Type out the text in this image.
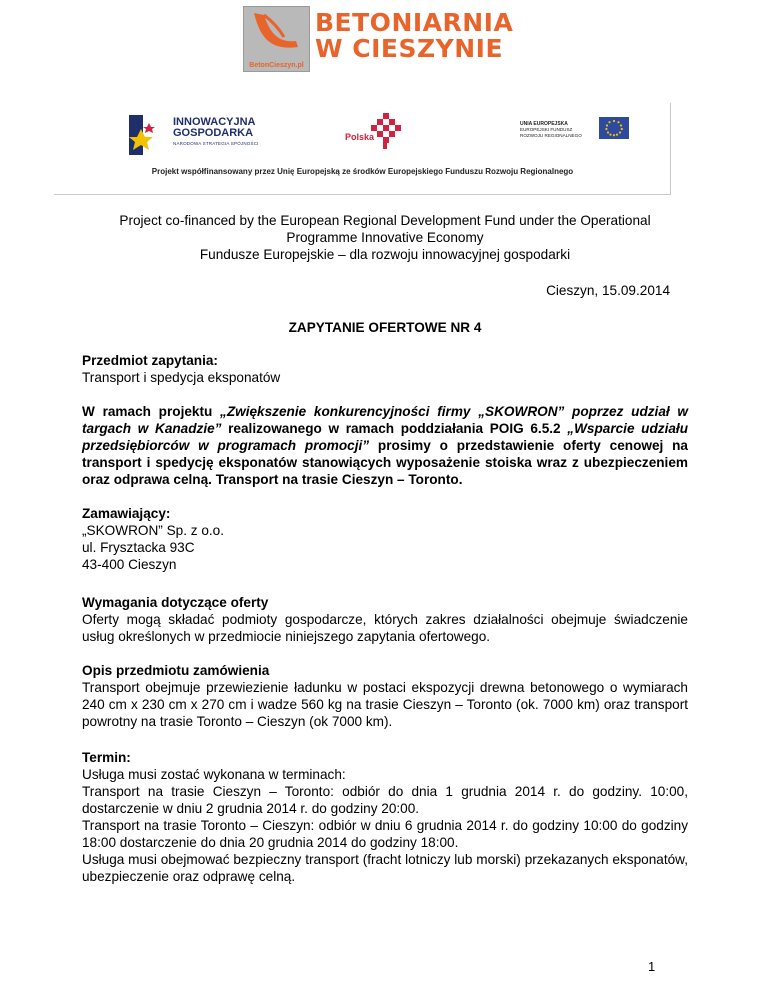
BetonCieszyn.pl
BETONIARNIA
W CIESZYNIE
INNOWACYJNA
GOSPODARKA
NARODOWA STRATEGIA SPÓJNOŚCI
Polska
UNIA EUROPEJSKA
EUROPEJSKI FUNDUSZ
ROZWOJU REGIONALNEGO
Projekt współfinansowany przez Unię Europejską ze środków Europejskiego Funduszu Rozwoju Regionalnego
Project co-financed by the European Regional Development Fund under the Operational
Programme Innovative Economy
Fundusze Europejskie – dla rozwoju innowacyjnej gospodarki
Cieszyn, 15.09.2014
ZAPYTANIE OFERTOWE NR 4
Przedmiot zapytania:
Transport i spedycja eksponatów
W ramach projektu „Zwiększenie konkurencyjności firmy „SKOWRON” poprzez udział w targach w Kanadzie” realizowanego w ramach poddziałania POIG 6.5.2 „Wsparcie udziału przedsiębiorców w programach promocji” prosimy o przedstawienie oferty cenowej na transport i spedycję eksponatów stanowiących wyposażenie stoiska wraz z ubezpieczeniem oraz odprawa celną. Transport na trasie Cieszyn – Toronto.
Zamawiający:
„SKOWRON” Sp. z o.o.
ul. Frysztacka 93C
43-400 Cieszyn
Wymagania dotyczące oferty
Oferty mogą składać podmioty gospodarcze, których zakres działalności obejmuje świadczenie usług określonych w przedmiocie niniejszego zapytania ofertowego.
Opis przedmiotu zamówienia
Transport obejmuje przewiezienie ładunku w postaci ekspozycji drewna betonowego o wymiarach 240 cm x 230 cm x 270 cm i wadze 560 kg na trasie Cieszyn – Toronto (ok. 7000 km) oraz transport powrotny na trasie Toronto – Cieszyn (ok 7000 km).
Termin:
Usługa musi zostać wykonana w terminach:
Transport na trasie Cieszyn – Toronto: odbiór do dnia 1 grudnia 2014 r. do godziny. 10:00, dostarczenie w dniu 2 grudnia 2014 r. do godziny 20:00.
Transport na trasie Toronto – Cieszyn: odbiór w dniu 6 grudnia 2014 r. do godziny 10:00 do godziny 18:00 dostarczenie do dnia 20 grudnia 2014 do godziny 18:00.
Usługa musi obejmować bezpieczny transport (fracht lotniczy lub morski) przekazanych eksponatów, ubezpieczenie oraz odprawę celną.
1
